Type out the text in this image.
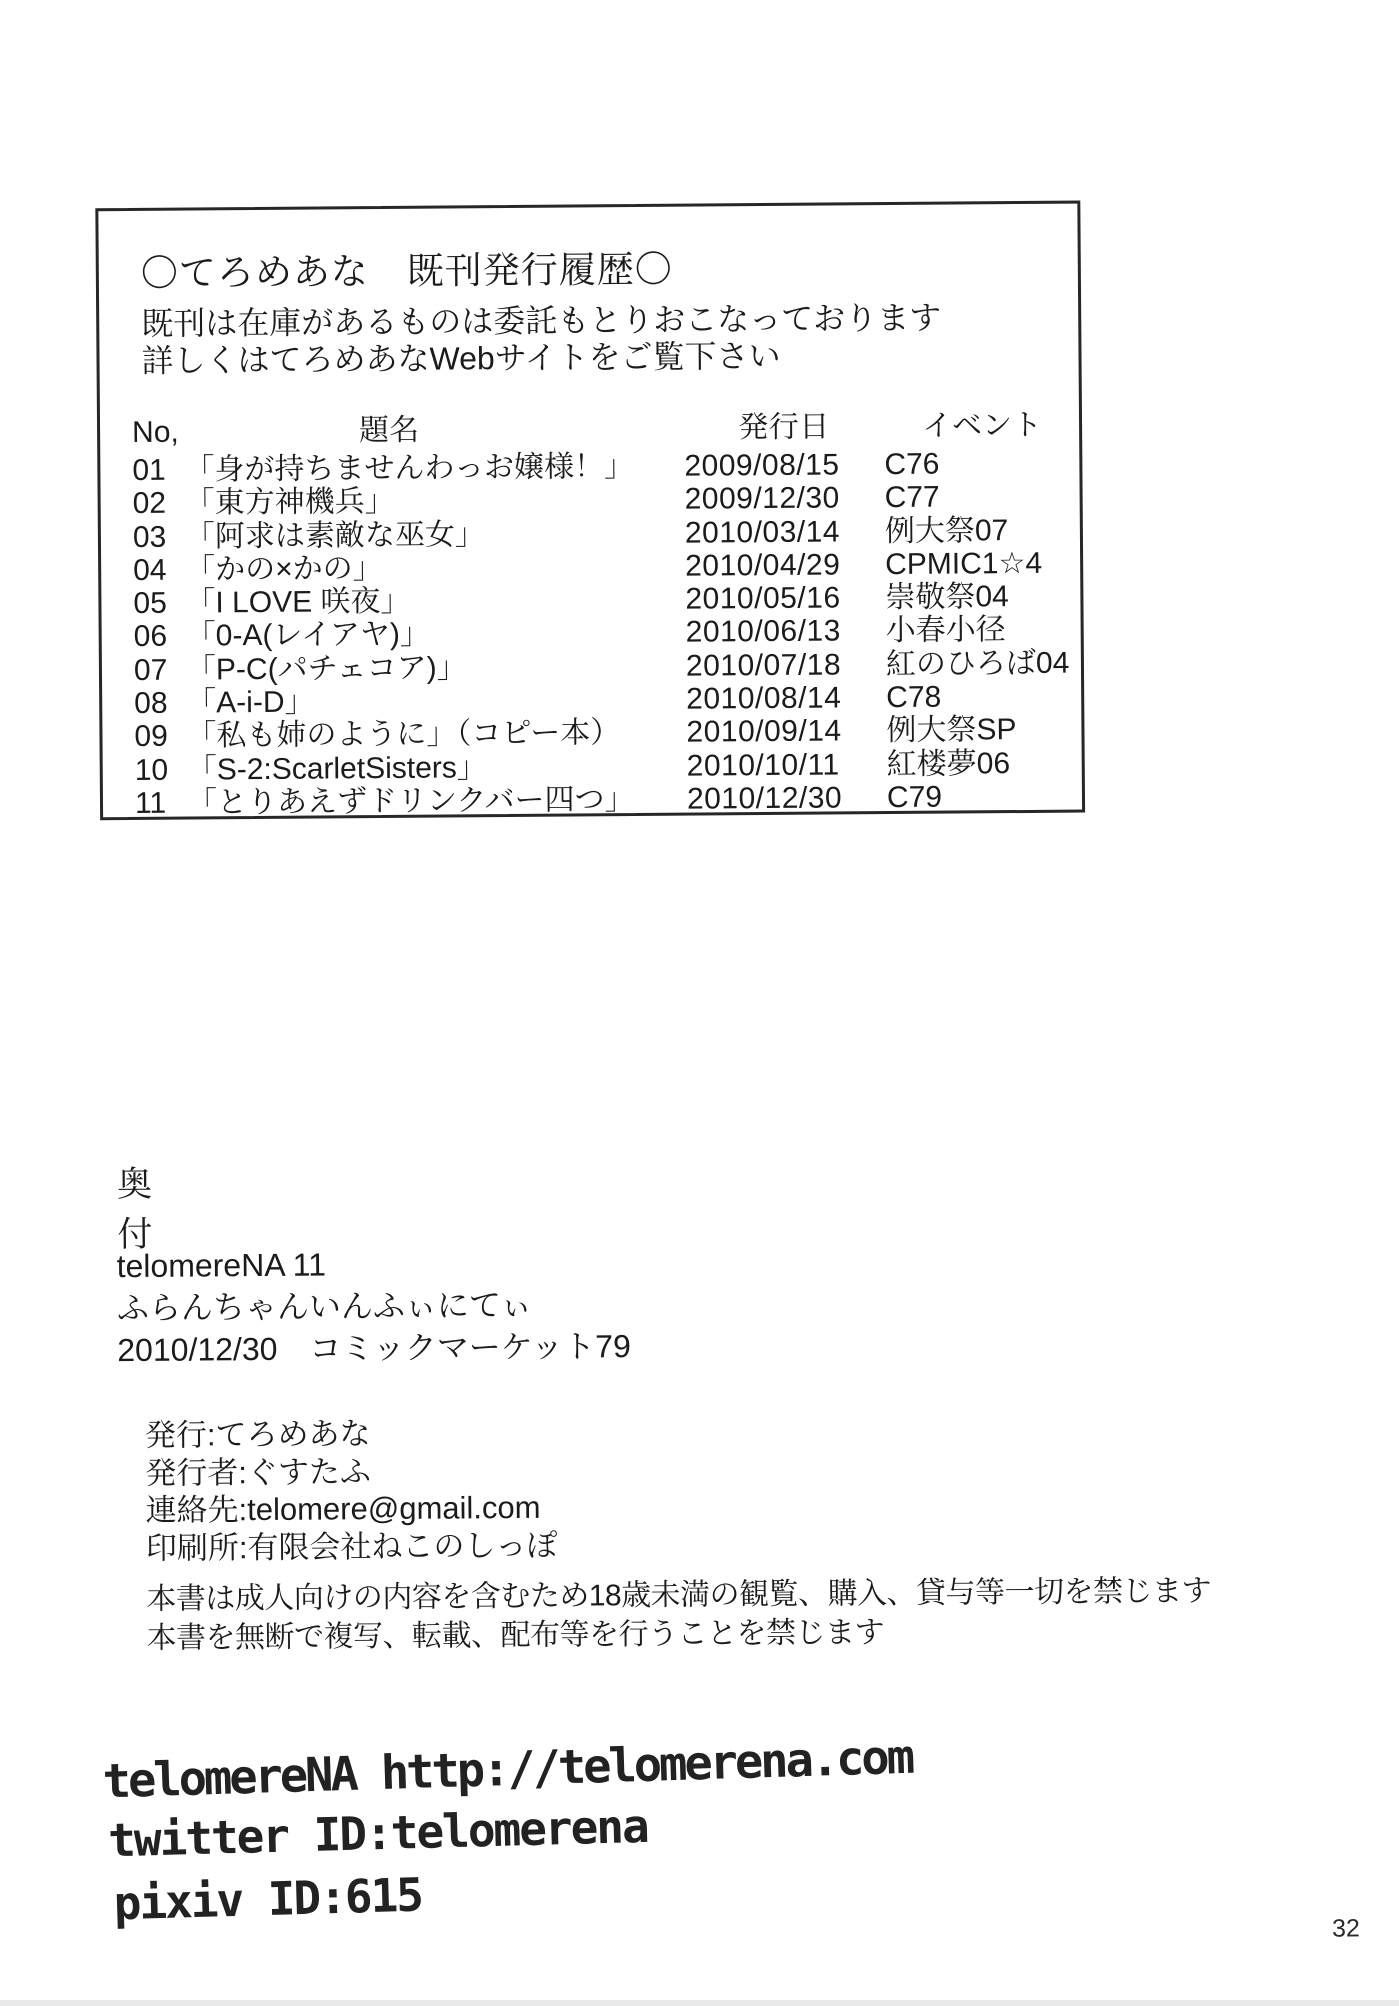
〇てろめあな　既刊発行履歴〇
既刊は在庫があるものは委託もとりおこなっております
詳しくはてろめあなWebサイトをご覧下さい
No,	題名	発行日	イベント
01 「身が持ちませんわっお嬢様！」	2009/08/15	C76
02 「東方神機兵」	2009/12/30	C77
03 「阿求は素敵な巫女」	2010/03/14	例大祭07
04 「かの×かの」	2010/04/29	CPMIC1☆4
05 「I LOVE 咲夜」	2010/05/16	崇敬祭04
06 「0-A(レイアヤ)」	2010/06/13	小春小径
07 「P-C(パチェコア)」	2010/07/18	紅のひろば04
08 「A-i-D」	2010/08/14	C78
09 「私も姉のように」（コピー本）	2010/09/14	例大祭SP
10 「S-2:ScarletSisters」	2010/10/11	紅楼夢06
11 「とりあえずドリンクバー四つ」	2010/12/30	C79
奥付
telomereNA 11
ふらんちゃんいんふぃにてぃ
2010/12/30　コミックマーケット79
発行:てろめあな
発行者:ぐすたふ
連絡先:telomere@gmail.com
印刷所:有限会社ねこのしっぽ
本書は成人向けの内容を含むため18歳未満の観覧、購入、貸与等一切を禁じます
本書を無断で複写、転載、配布等を行うことを禁じます
telomereNA http://telomerena.com
twitter ID:telomerena
pixiv ID:615	32
